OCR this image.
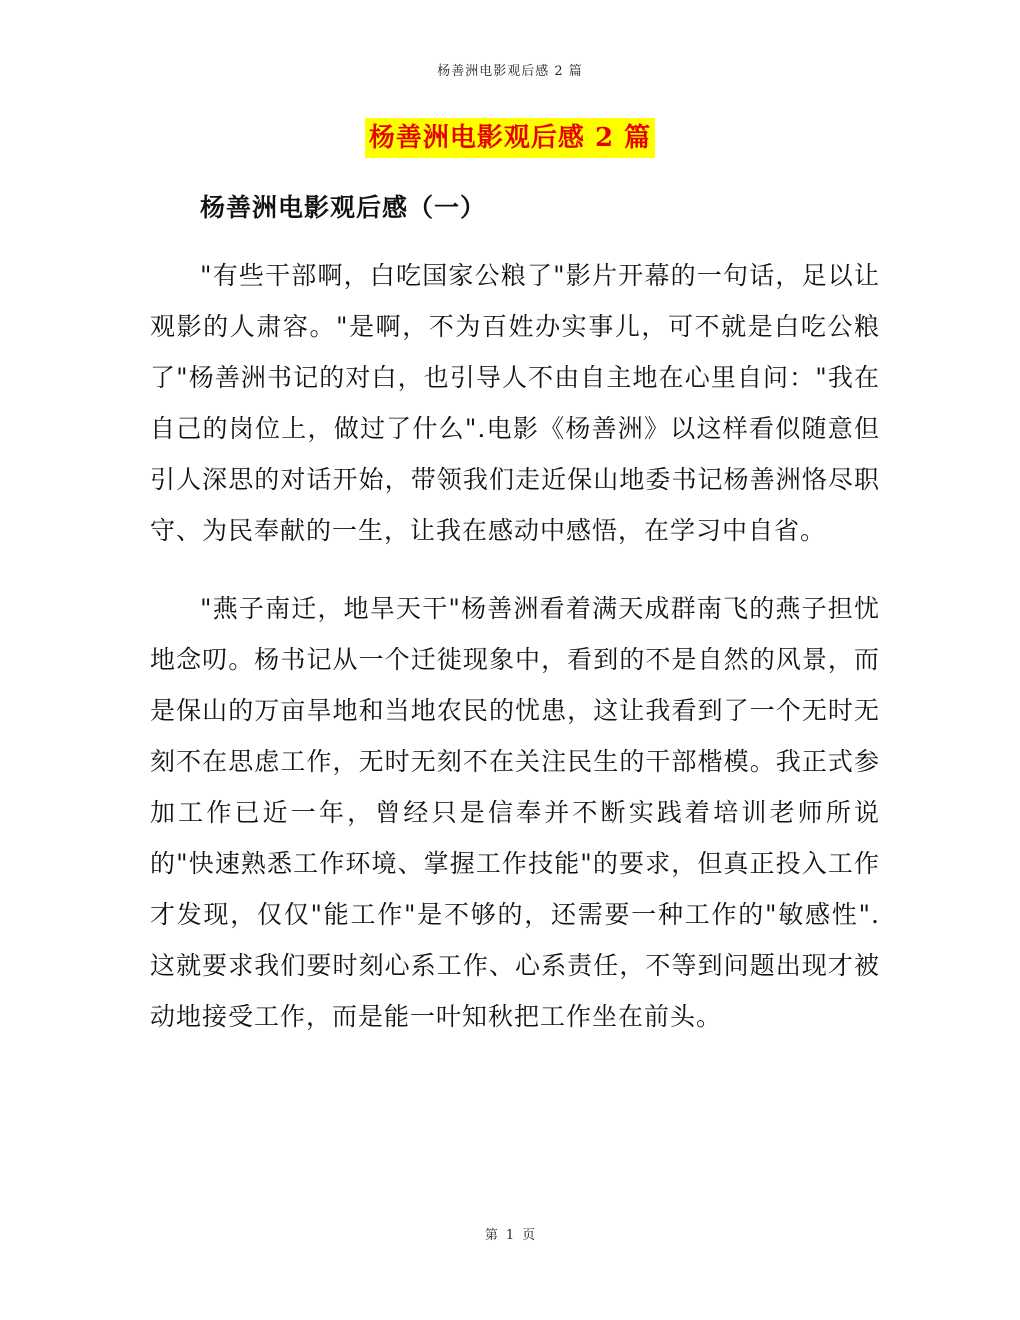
杨善洲电影观后感 2 篇
杨善洲电影观后感 2 篇
杨善洲电影观后感（一）

"有些干部啊，白吃国家公粮了"影片开幕的一句话，足以让观影的人肃容。"是啊，不为百姓办实事儿，可不就是白吃公粮了"杨善洲书记的对白，也引导人不由自主地在心里自问："我在自己的岗位上，做过了什么".电影《杨善洲》以这样看似随意但引人深思的对话开始，带领我们走近保山地委书记杨善洲恪尽职守、为民奉献的一生，让我在感动中感悟，在学习中自省。

"燕子南迁，地旱天干"杨善洲看着满天成群南飞的燕子担忧地念叨。杨书记从一个迁徙现象中，看到的不是自然的风景，而是保山的万亩旱地和当地农民的忧患，这让我看到了一个无时无刻不在思虑工作，无时无刻不在关注民生的干部楷模。我正式参加工作已近一年，曾经只是信奉并不断实践着培训老师所说的"快速熟悉工作环境、掌握工作技能"的要求，但真正投入工作才发现，仅仅"能工作"是不够的，还需要一种工作的"敏感性".这就要求我们要时刻心系工作、心系责任，不等到问题出现才被动地接受工作，而是能一叶知秋把工作坐在前头。

第 1 页
